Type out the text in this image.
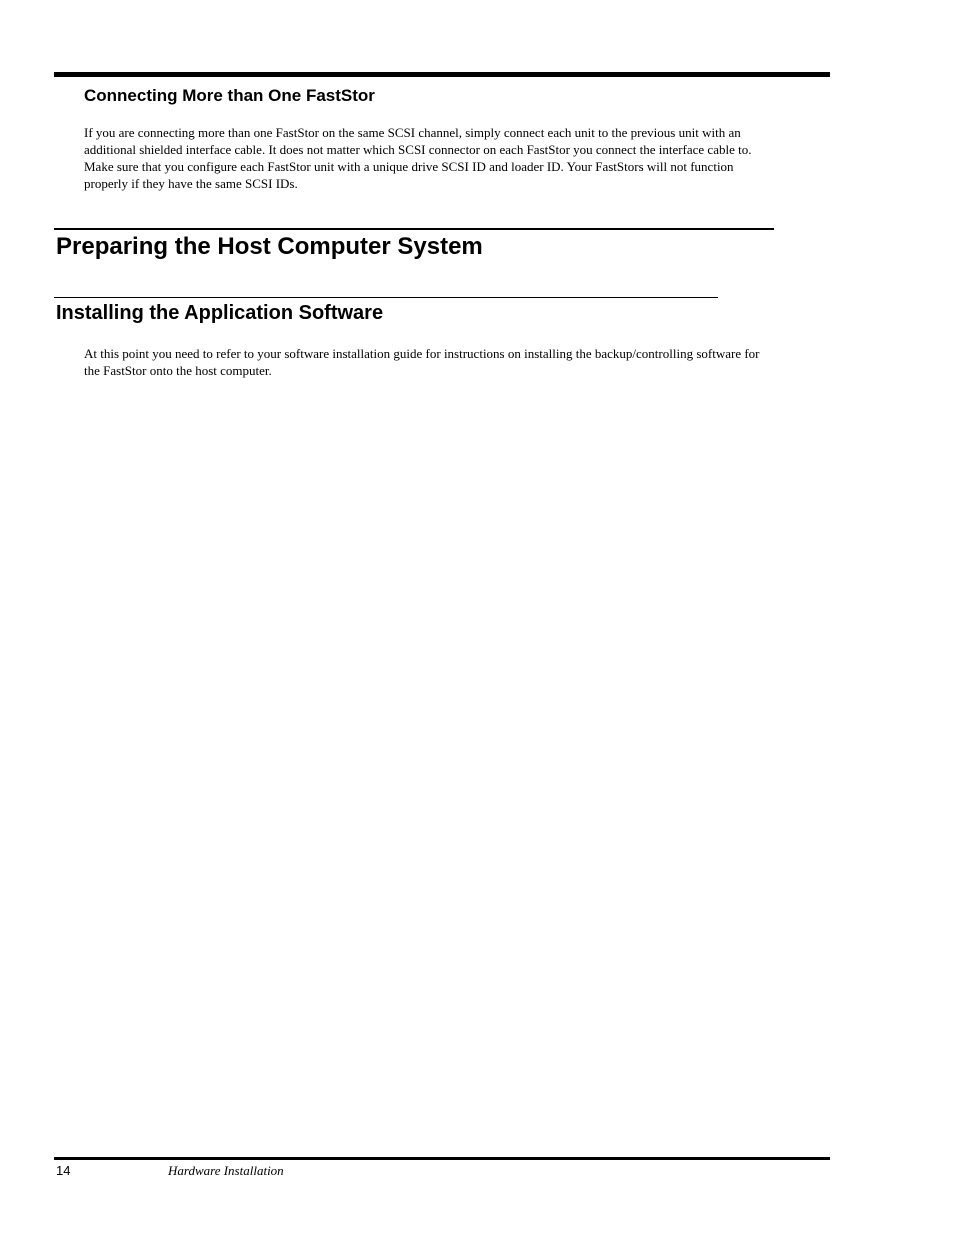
Connecting More than One FastStor

If you are connecting more than one FastStor on the same SCSI channel, simply connect each unit to the previous unit with an
additional shielded interface cable. It does not matter which SCSI connector on each FastStor you connect the interface cable to.
Make sure that you configure each FastStor unit with a unique drive SCSI ID and loader ID. Your FastStors will not function
properly if they have the same SCSI IDs.

Preparing the Host Computer System
Installing the Application Software

At this point you need to refer to your software installation guide for instructions on installing the backup/controlling software for
the FastStor onto the host computer.

14	Hardware Installation
